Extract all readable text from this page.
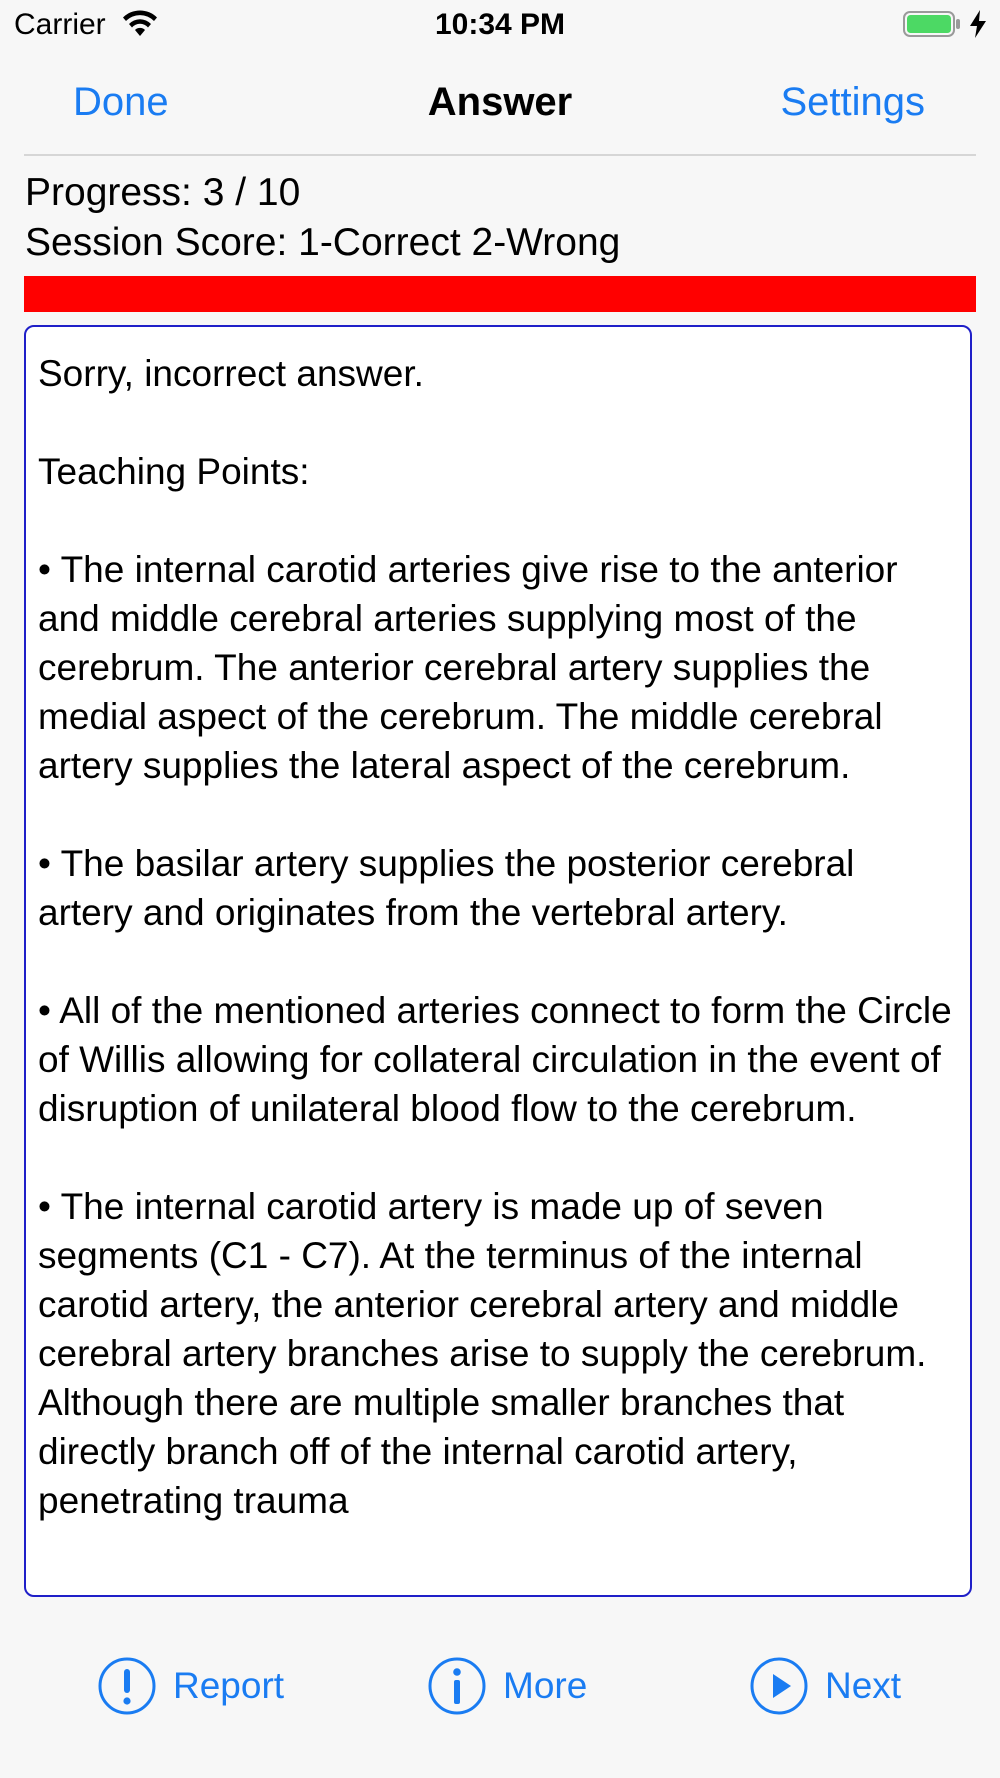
Carrier	10:34 PM
Done	Answer	Settings
Progress: 3 / 10
Session Score: 1-Correct 2-Wrong
Sorry, incorrect answer.

Teaching Points:

• The internal carotid arteries give rise to the anterior and middle cerebral arteries supplying most of the cerebrum. The anterior cerebral artery supplies the medial aspect of the cerebrum. The middle cerebral artery supplies the lateral aspect of the cerebrum.

• The basilar artery supplies the posterior cerebral artery and originates from the vertebral artery.

• All of the mentioned arteries connect to form the Circle of Willis allowing for collateral circulation in the event of disruption of unilateral blood flow to the cerebrum.

• The internal carotid artery is made up of seven segments (C1 - C7). At the terminus of the internal carotid artery, the anterior cerebral artery and middle cerebral artery branches arise to supply the cerebrum. Although there are multiple smaller branches that directly branch off of the internal carotid artery, penetrating trauma
Report	More	Next
